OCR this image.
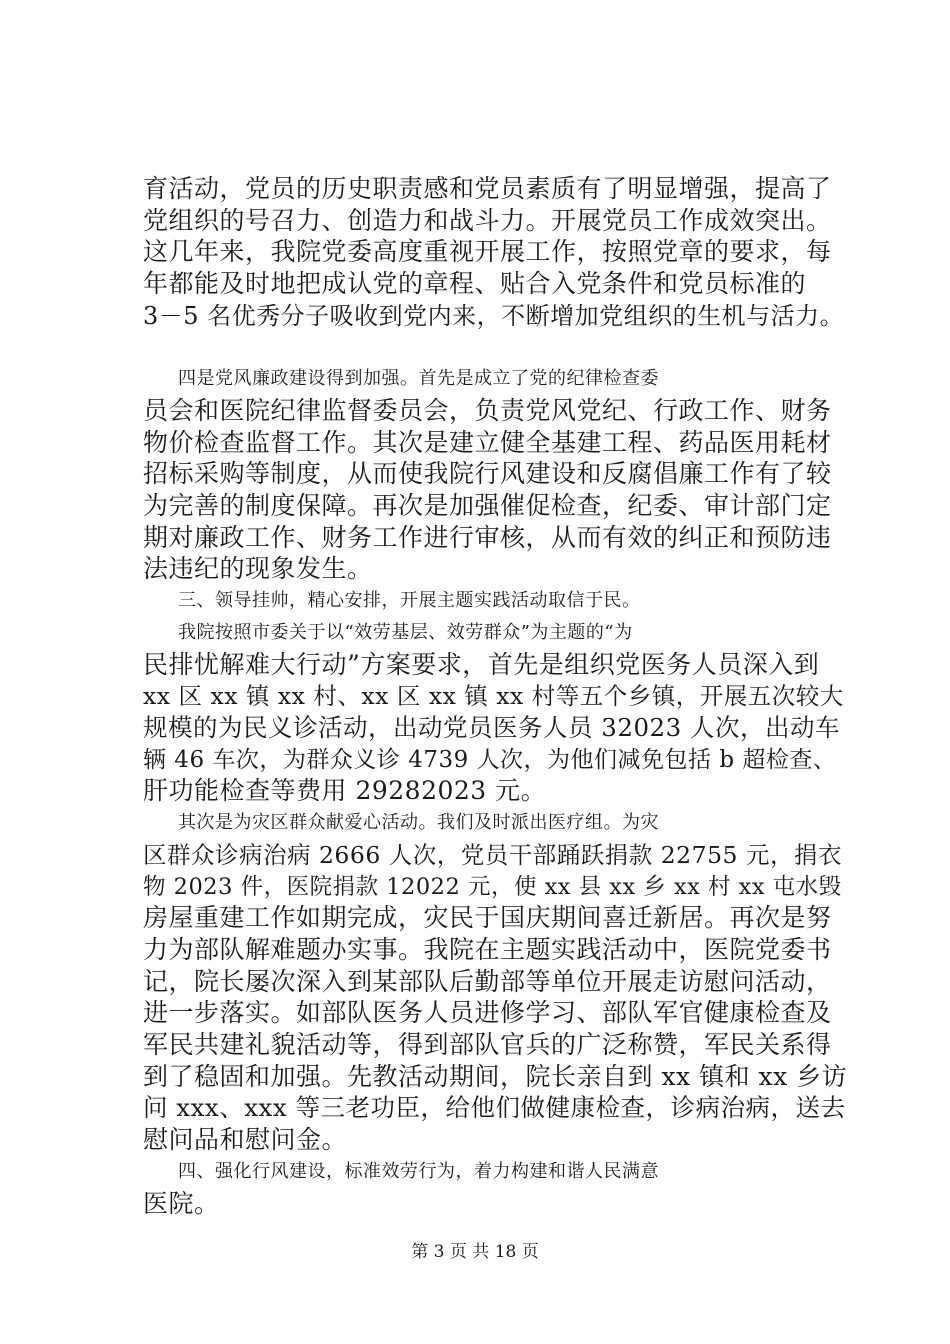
育活动，党员的历史职责感和党员素质有了明显增强，提高了

党组织的号召力、创造力和战斗力。开展党员工作成效突出。

这几年来，我院党委高度重视开展工作，按照党章的要求，每

年都能及时地把成认党的章程、贴合入党条件和党员标准的

3－5 名优秀分子吸收到党内来，不断增加党组织的生机与活力。

四是党风廉政建设得到加强。首先是成立了党的纪律检查委

员会和医院纪律监督委员会，负责党风党纪、行政工作、财务

物价检查监督工作。其次是建立健全基建工程、药品医用耗材

招标采购等制度，从而使我院行风建设和反腐倡廉工作有了较

为完善的制度保障。再次是加强催促检查，纪委、审计部门定

期对廉政工作、财务工作进行审核，从而有效的纠正和预防违

法违纪的现象发生。

三、领导挂帅，精心安排，开展主题实践活动取信于民。

我院按照市委关于以“效劳基层、效劳群众”为主题的“为

民排忧解难大行动”方案要求，首先是组织党医务人员深入到

xx 区 xx 镇 xx 村、xx 区 xx 镇 xx 村等五个乡镇，开展五次较大

规模的为民义诊活动，出动党员医务人员 32023 人次，出动车

辆 46 车次，为群众义诊 4739 人次，为他们减免包括 b 超检查、

肝功能检查等费用 29282023 元。

其次是为灾区群众献爱心活动。我们及时派出医疗组。为灾

区群众诊病治病 2666 人次，党员干部踊跃捐款 22755 元，捐衣

物 2023 件，医院捐款 12022 元，使 xx 县 xx 乡 xx 村 xx 屯水毁

房屋重建工作如期完成，灾民于国庆期间喜迁新居。再次是努

力为部队解难题办实事。我院在主题实践活动中，医院党委书

记，院长屡次深入到某部队后勤部等单位开展走访慰问活动，

进一步落实。如部队医务人员进修学习、部队军官健康检查及

军民共建礼貌活动等，得到部队官兵的广泛称赞，军民关系得

到了稳固和加强。先教活动期间，院长亲自到 xx 镇和 xx 乡访

问 xxx、xxx 等三老功臣，给他们做健康检查，诊病治病，送去

慰问品和慰问金。

四、强化行风建设，标准效劳行为，着力构建和谐人民满意

医院。

第 3 页 共 18 页
